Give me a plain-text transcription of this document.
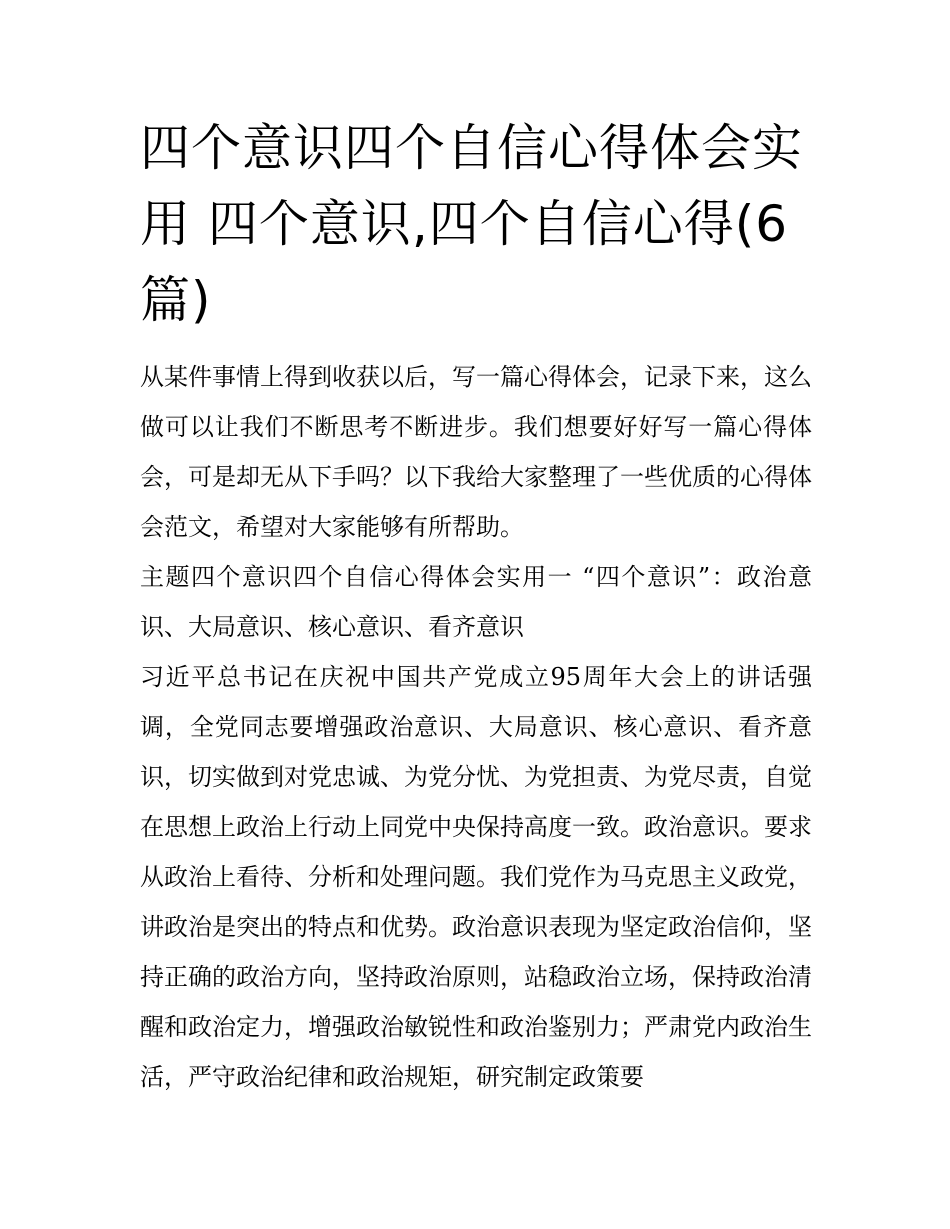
四个意识四个自信心得体会实用 四个意识,四个自信心得(6篇)

从某件事情上得到收获以后，写一篇心得体会，记录下来，这么做可以让我们不断思考不断进步。我们想要好好写一篇心得体会，可是却无从下手吗？以下我给大家整理了一些优质的心得体会范文，希望对大家能够有所帮助。

主题四个意识四个自信心得体会实用一 “四个意识”：政治意识、大局意识、核心意识、看齐意识

习近平总书记在庆祝中国共产党成立95周年大会上的讲话强调，全党同志要增强政治意识、大局意识、核心意识、看齐意识，切实做到对党忠诚、为党分忧、为党担责、为党尽责，自觉在思想上政治上行动上同党中央保持高度一致。政治意识。要求从政治上看待、分析和处理问题。我们党作为马克思主义政党，讲政治是突出的特点和优势。政治意识表现为坚定政治信仰，坚持正确的政治方向，坚持政治原则，站稳政治立场，保持政治清醒和政治定力，增强政治敏锐性和政治鉴别力；严肃党内政治生活，严守政治纪律和政治规矩，研究制定政策要
